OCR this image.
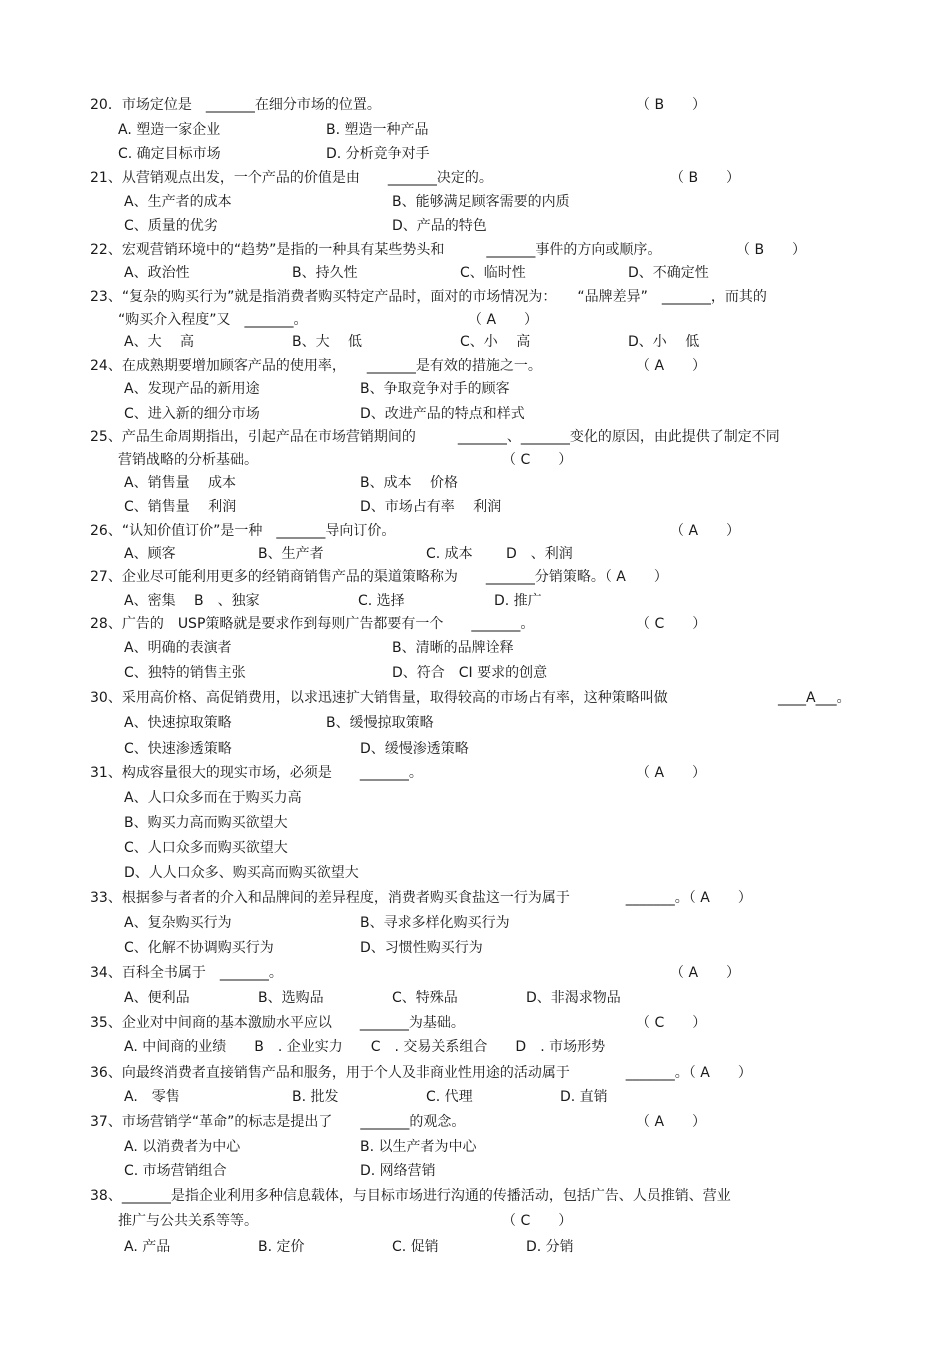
20．市场定位是　_______在细分市场的位置。	（ B　　）
A. 塑造一家企业	B. 塑造一种产品
C. 确定目标市场	D. 分析竞争对手
21、从营销观点出发，一个产品的价值是由　　_______决定的。	（ B　　）
A、生产者的成本	B、能够满足顾客需要的内质
C、质量的优劣	D、产品的特色
22、宏观营销环境中的“趋势”是指的一种具有某些势头和　　　_______事件的方向或顺序。	（ B　　）
A、政治性	B、持久性	C、临时性	D、不确定性
23、“复杂的购买行为”就是指消费者购买特定产品时，面对的市场情况为：　　“品牌差异”　_______，而其的
“购买介入程度”又　_______。	（ A　　）
A、大　 高	B、大　 低	C、小　 高	D、小　 低
24、在成熟期要增加顾客产品的使用率，　　_______是有效的措施之一。	（ A　　）
A、发现产品的新用途	B、争取竞争对手的顾客
C、进入新的细分市场	D、改进产品的特点和样式
25、产品生命周期指出，引起产品在市场营销期间的　　　_______、_______变化的原因，由此提供了制定不同
营销战略的分析基础。	（ C　　）
A、销售量　 成本	B、成本　 价格
C、销售量　 利润	D、市场占有率　 利润
26、“认知价值订价”是一种　_______导向订价。	（ A　　）
A、顾客	B、生产者	C. 成本 D　、利润
27、企业尽可能利用更多的经销商销售产品的渠道策略称为　　_______分销策略。（ A　　）
A、密集　 B　、独家	C. 选择	D. 推广
28、广告的　USP策略就是要求作到每则广告都要有一个　　_______。	（ C　　）
A、明确的表演者	B、清晰的品牌诠释
C、独特的销售主张	D、符合　CI 要求的创意
30、采用高价格、高促销费用，以求迅速扩大销售量，取得较高的市场占有率，这种策略叫做	____A___。
A、快速掠取策略	B、缓慢掠取策略
C、快速渗透策略	D、缓慢渗透策略
31、构成容量很大的现实市场，必须是　　_______。	（ A　　）
A、人口众多而在于购买力高
B、购买力高而购买欲望大
C、人口众多而购买欲望大
D、人人口众多、购买高而购买欲望大
33、根据参与者者的介入和品牌间的差异程度，消费者购买食盐这一行为属于　　　　_______。（ A　　）
A、复杂购买行为	B、寻求多样化购买行为
C、化解不协调购买行为	D、习惯性购买行为
34、百科全书属于　_______。	（ A　　）
A、便利品	B、选购品	C、特殊品	D、非渴求物品
35、企业对中间商的基本激励水平应以　　_______为基础。	（ C　　）
A. 中间商的业绩　　B　. 企业实力　　C　. 交易关系组合　　D　. 市场形势
36、向最终消费者直接销售产品和服务，用于个人及非商业性用途的活动属于　　　　_______。（ A　　）
A.　零售	B. 批发	C. 代理	D. 直销
37、市场营销学“革命”的标志是提出了　　_______的观念。	（ A　　）
A. 以消费者为中心	B. 以生产者为中心
C. 市场营销组合	D. 网络营销
38、_______是指企业利用多种信息载体，与目标市场进行沟通的传播活动，包括广告、人员推销、营业
推广与公共关系等等。	（ C　　）
A. 产品	B. 定价	C. 促销	D. 分销
